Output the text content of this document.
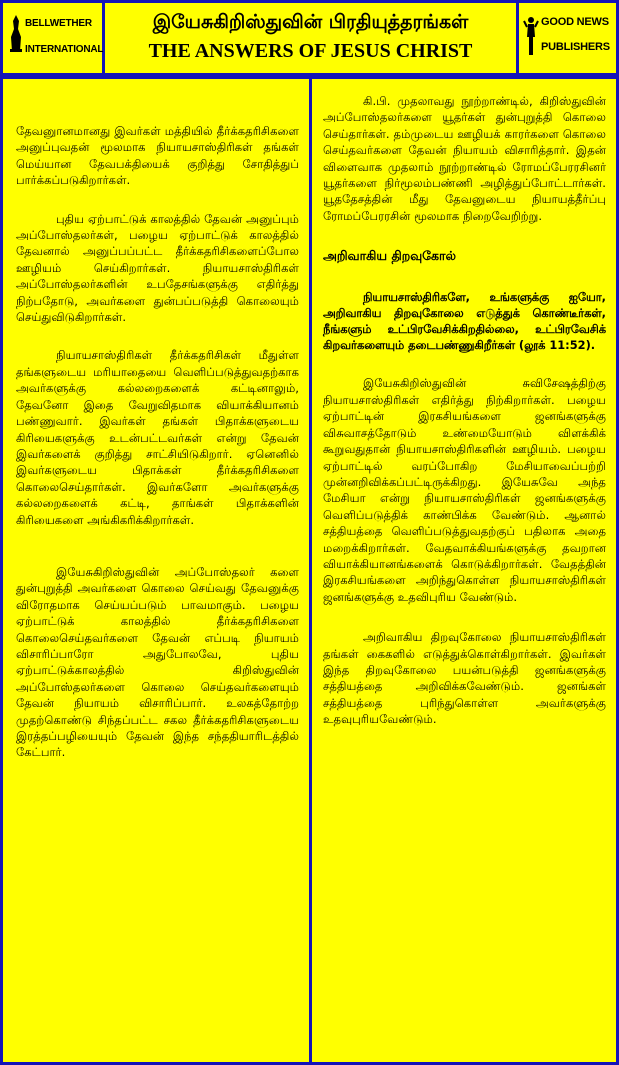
BELLWETHER
INTERNATIONAL
இயேசுகிறிஸ்துவின் பிரதியுத்தரங்கள்
THE ANSWERS OF JESUS CHRIST
GOOD NEWS
PUBLISHERS

தேவனுானமானது இவர்கள் மத்தியில் தீர்க்கதரிசிகளை அனுப்புவதன் மூலமாக நியாயசாஸ்திரிகள் தங்கள் மெய்யான தேவபக்தியைக் குறித்து சோதித்துப் பார்க்கப்படுகிறார்கள்.

புதிய ஏற்பாட்டுக் காலத்தில் தேவன் அனுப்பும் அப்போஸ்தலர்கள், பழைய ஏற்பாட்டுக் காலத்தில் தேவனால் அனுப்பப்பட்ட தீர்க்கதரிசிகளைப்போல ஊழியம் செய்கிறார்கள். நியாயசாஸ்திரிகள் அப்போஸ்தலர்களின் உபதேசங்களுக்கு எதிர்த்து நிற்பதோடு, அவர்களை துன்பப்படுத்தி கொலையும் செய்துவிடுகிறார்கள்.

நியாயசாஸ்திரிகள் தீர்க்கதரிசிகள் மீதுள்ள தங்களுடைய மரியாதையை வெளிப்படுத்துவதற்காக அவர்களுக்கு கல்லறைகளைக் கட்டினாலும், தேவனோ இதை வேறுவிதமாக வியாக்கியானம் பண்ணுவார். இவர்கள் தங்கள் பிதாக்களுடைய கிரியைகளுக்கு உடன்பட்டவர்கள் என்று தேவன் இவர்களைக் குறித்து சாட்சியிடுகிறார். ஏனெனில் இவர்களுடைய பிதாக்கள் தீர்க்கதரிசிகளை கொலைசெய்தார்கள். இவர்களோ அவர்களுக்கு கல்லறைகளைக் கட்டி, தாங்கள் பிதாக்களின் கிரியைகளை அங்கிகரிக்கிறார்கள்.

இயேசுகிறிஸ்துவின் அப்போஸ்தலர் களை துன்புறுத்தி அவர்களை கொலை செய்வது தேவனுக்கு விரோதமாக செய்யப்படும் பாவமாகும். பழைய ஏற்பாட்டுக் காலத்தில் தீர்க்கதரிசிகளை கொலைசெய்தவர்களை தேவன் எப்படி நியாயம் விசாரிப்பாரோ அதுபோலவே, புதிய ஏற்பாட்டுக்காலத்தில் கிறிஸ்துவின் அப்போஸ்தலர்களை கொலை செய்தவர்களையும் தேவன் நியாயம் விசாரிப்பார். உலகத்தோற்ற முதற்கொண்டு சிந்தப்பட்ட சகல தீர்க்கதரிசிகளுடைய இரத்தப்பழியையும் தேவன் இந்த சந்ததியாரிடத்தில் கேட்பார்.

கி.பி. முதலாவது நூற்றாண்டில், கிறிஸ்துவின் அப்போஸ்தலர்களை யூதர்கள் துன்புறுத்தி கொலை செய்தார்கள். தம்முடைய ஊழியக் காரர்களை கொலை செய்தவர்களை தேவன் நியாயம் விசாரித்தார். இதன் விளைவாக முதலாம் நூற்றாண்டில் ரோமப்பேரரசினர் யூதர்களை நிர்மூலம்பண்ணி அழித்துப்போட்டார்கள். யூததேசத்தின் மீது தேவனுடைய நியாயத்தீர்ப்பு ரோமப்பேரரசின் மூலமாக நிறைவேறிற்று.

அறிவாகிய திறவுகோல்

நியாயசாஸ்திரிகளே, உங்களுக்கு ஐயோ, அறிவாகிய திறவுகோலை எடுத்துக் கொண்டீர்கள், நீங்களும் உட்பிரவேசிக்கிறதில்லை, உட்பிரவேசிக் கிறவர்களையும் தடைபண்ணுகிறீர்கள் (லூக் 11:52).

இயேசுகிறிஸ்துவின் சுவிசேஷத்திற்கு நியாயசாஸ்திரிகள் எதிர்த்து நிற்கிறார்கள். பழைய ஏற்பாட்டின் இரகசியங்களை ஜனங்களுக்கு விசுவாசத்தோடும் உண்மையோடும் விளக்கிக் கூறுவதுதான் நியாயசாஸ்திரிகளின் ஊழியம். பழைய ஏற்பாட்டில் வரப்போகிற மேசியாவைப்பற்றி முன்னறிவிக்கப்பட்டிருக்கிறது. இயேசுவே அந்த மேசியா என்று நியாயசாஸ்திரிகள் ஜனங்களுக்கு வெளிப்படுத்திக் காண்பிக்க வேண்டும். ஆனால் சத்தியத்தை வெளிப்படுத்துவதற்குப் பதிலாக அதை மறைக்கிறார்கள். வேதவாக்கியங்களுக்கு தவறான வியாக்கியானங்களைக் கொடுக்கிறார்கள். வேதத்தின் இரகசியங்களை அறிந்துகொள்ள நியாயசாஸ்திரிகள் ஜனங்களுக்கு உதவிபுரிய வேண்டும்.

அறிவாகிய திறவுகோலை நியாயசாஸ்திரிகள் தங்கள் கைகளில் எடுத்துக்கொள்கிறார்கள். இவர்கள் இந்த திறவுகோலை பயன்படுத்தி ஜனங்களுக்கு சத்தியத்தை அறிவிக்கவேண்டும். ஜனங்கள் சத்தியத்தை புரிந்துகொள்ள அவர்களுக்கு உதவுபுரியவேண்டும்.
